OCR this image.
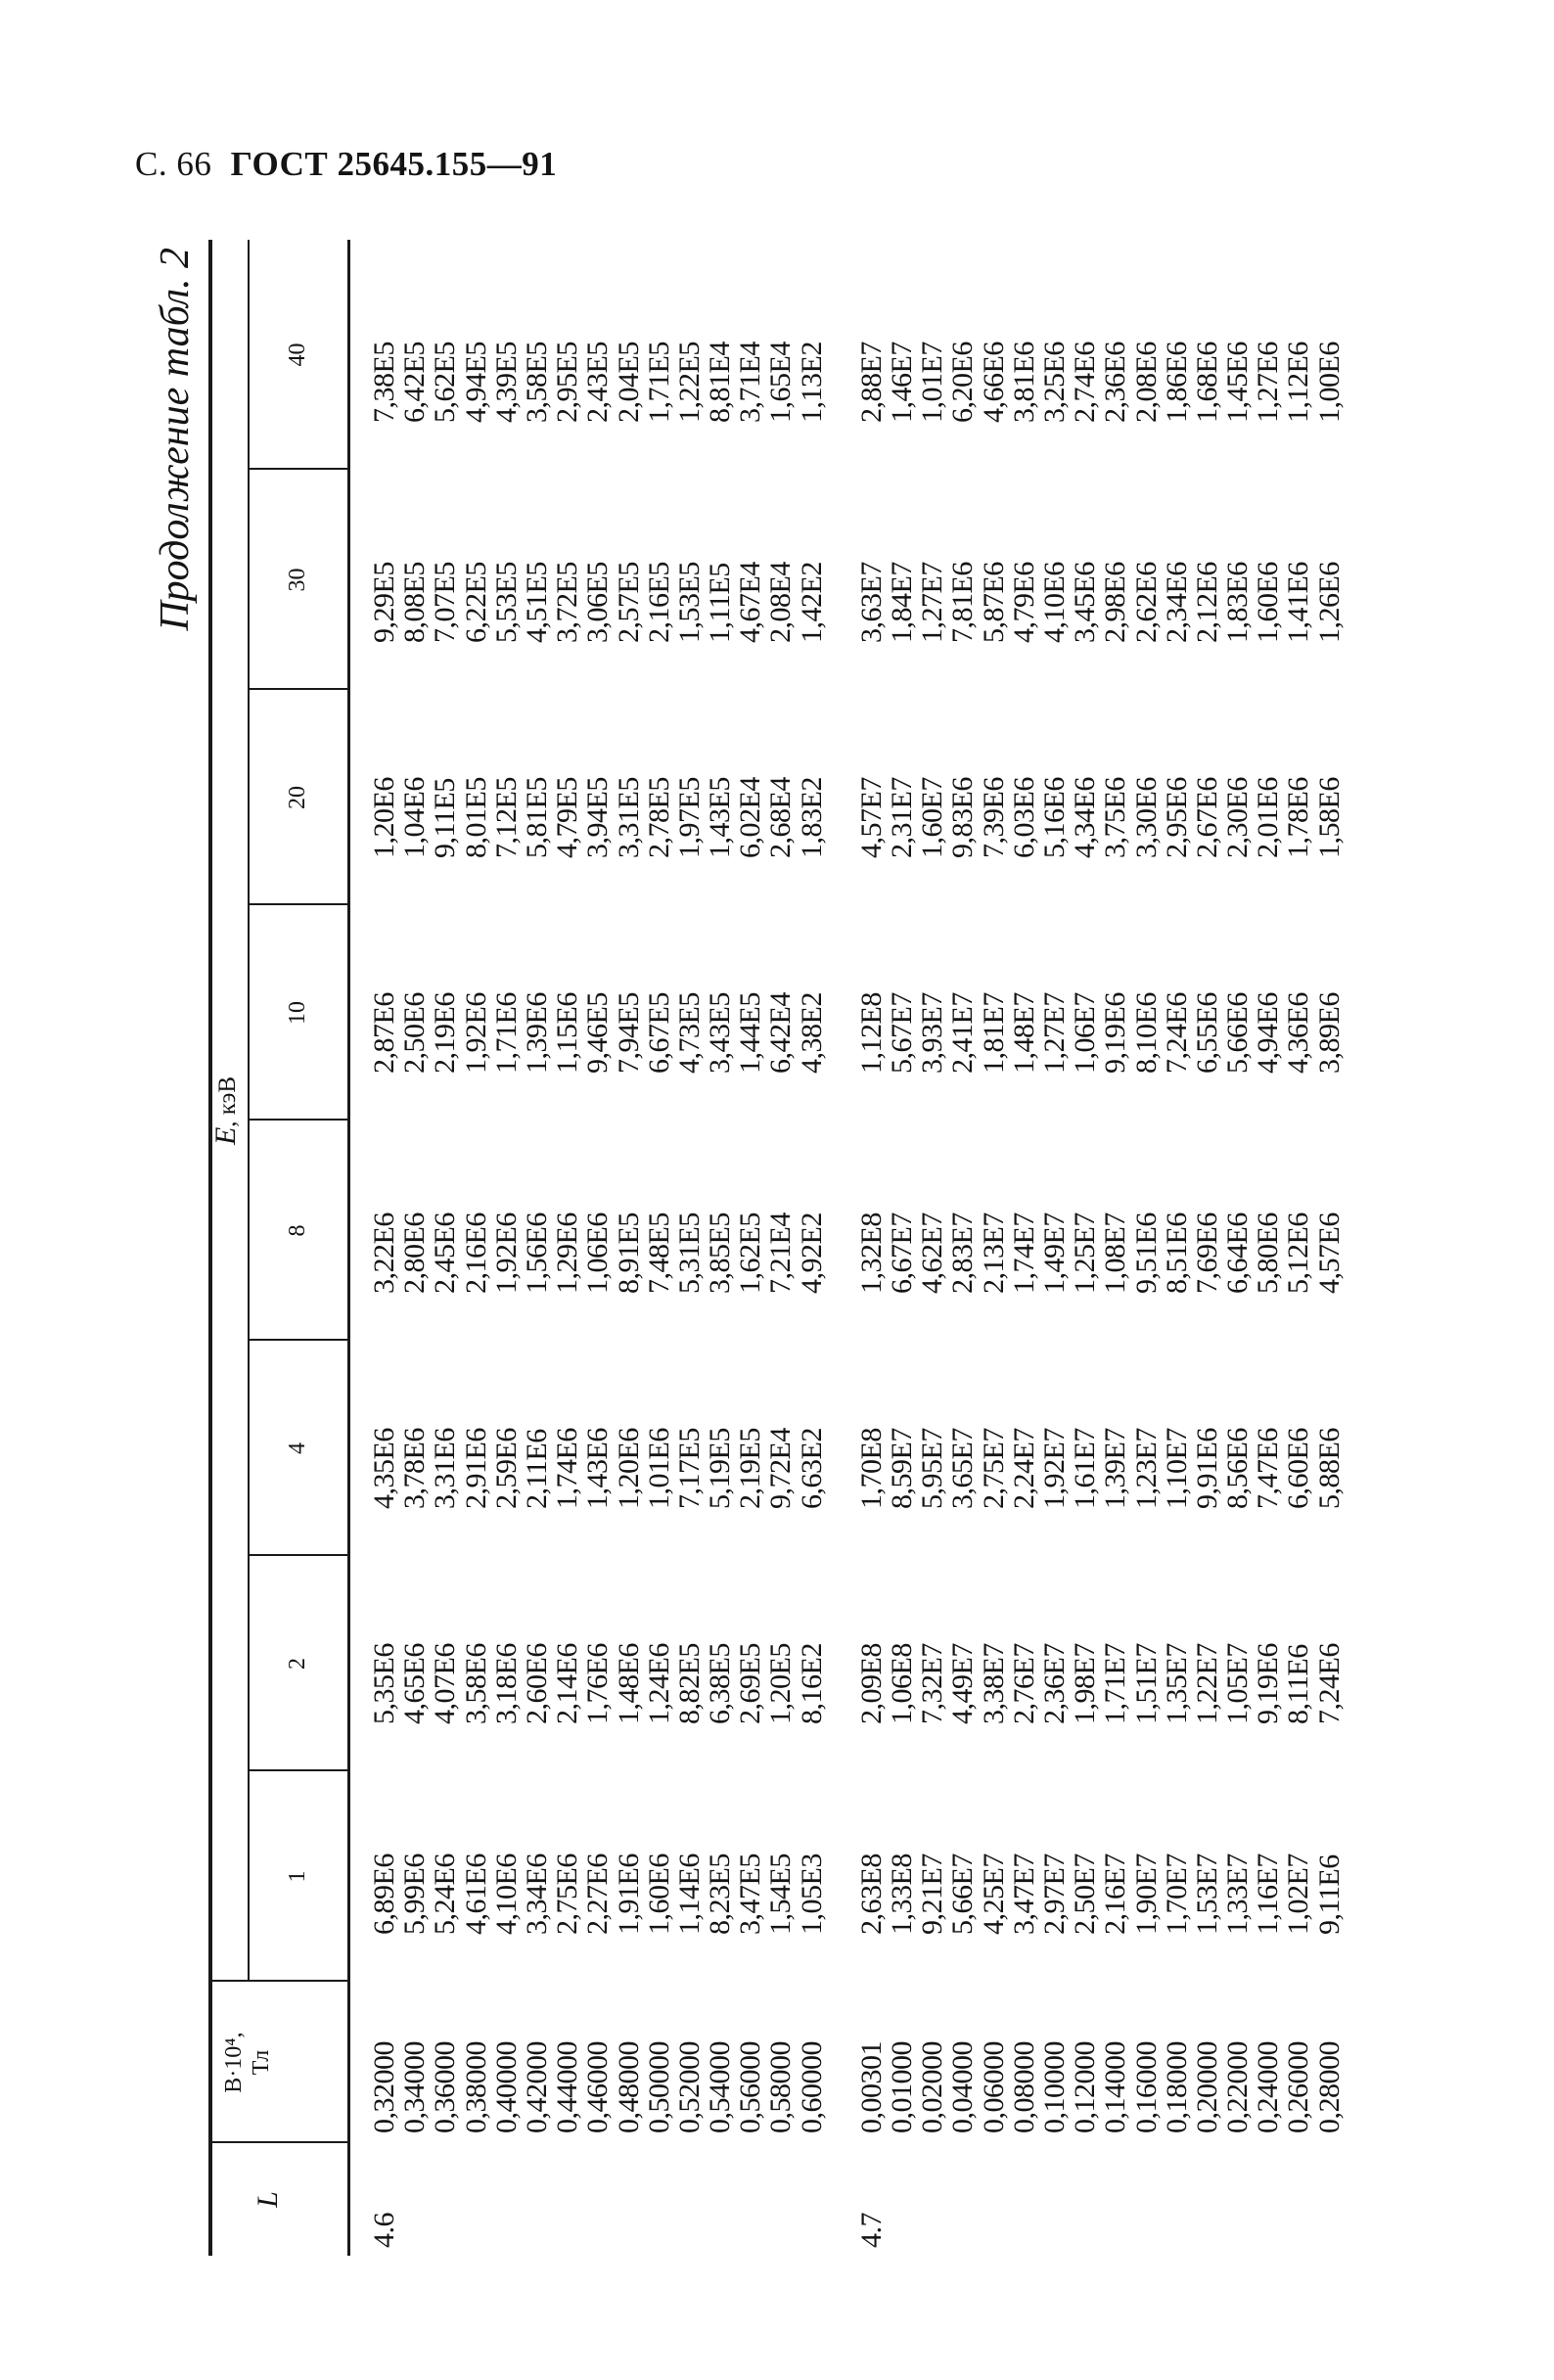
С. 66 ГОСТ 25645.155—91
Продолжение табл. 2
L
В·10⁴,
Тл
E, кэВ
1
2
4
8
10
20
30
40
4.6
0,32000
6,89E6
5,35E6
4,35E6
3,22E6
2,87E6
1,20E6
9,29E5
7,38E5
0,34000
5,99E6
4,65E6
3,78E6
2,80E6
2,50E6
1,04E6
8,08E5
6,42E5
0,36000
5,24E6
4,07E6
3,31E6
2,45E6
2,19E6
9,11E5
7,07E5
5,62E5
0,38000
4,61E6
3,58E6
2,91E6
2,16E6
1,92E6
8,01E5
6,22E5
4,94E5
0,40000
4,10E6
3,18E6
2,59E6
1,92E6
1,71E6
7,12E5
5,53E5
4,39E5
0,42000
3,34E6
2,60E6
2,11E6
1,56E6
1,39E6
5,81E5
4,51E5
3,58E5
0,44000
2,75E6
2,14E6
1,74E6
1,29E6
1,15E6
4,79E5
3,72E5
2,95E5
0,46000
2,27E6
1,76E6
1,43E6
1,06E6
9,46E5
3,94E5
3,06E5
2,43E5
0,48000
1,91E6
1,48E6
1,20E6
8,91E5
7,94E5
3,31E5
2,57E5
2,04E5
0,50000
1,60E6
1,24E6
1,01E6
7,48E5
6,67E5
2,78E5
2,16E5
1,71E5
0,52000
1,14E6
8,82E5
7,17E5
5,31E5
4,73E5
1,97E5
1,53E5
1,22E5
0,54000
8,23E5
6,38E5
5,19E5
3,85E5
3,43E5
1,43E5
1,11E5
8,81E4
0,56000
3,47E5
2,69E5
2,19E5
1,62E5
1,44E5
6,02E4
4,67E4
3,71E4
0,58000
1,54E5
1,20E5
9,72E4
7,21E4
6,42E4
2,68E4
2,08E4
1,65E4
0,60000
1,05E3
8,16E2
6,63E2
4,92E2
4,38E2
1,83E2
1,42E2
1,13E2
4.7
0,00301
2,63E8
2,09E8
1,70E8
1,32E8
1,12E8
4,57E7
3,63E7
2,88E7
0,01000
1,33E8
1,06E8
8,59E7
6,67E7
5,67E7
2,31E7
1,84E7
1,46E7
0,02000
9,21E7
7,32E7
5,95E7
4,62E7
3,93E7
1,60E7
1,27E7
1,01E7
0,04000
5,66E7
4,49E7
3,65E7
2,83E7
2,41E7
9,83E6
7,81E6
6,20E6
0,06000
4,25E7
3,38E7
2,75E7
2,13E7
1,81E7
7,39E6
5,87E6
4,66E6
0,08000
3,47E7
2,76E7
2,24E7
1,74E7
1,48E7
6,03E6
4,79E6
3,81E6
0,10000
2,97E7
2,36E7
1,92E7
1,49E7
1,27E7
5,16E6
4,10E6
3,25E6
0,12000
2,50E7
1,98E7
1,61E7
1,25E7
1,06E7
4,34E6
3,45E6
2,74E6
0,14000
2,16E7
1,71E7
1,39E7
1,08E7
9,19E6
3,75E6
2,98E6
2,36E6
0,16000
1,90E7
1,51E7
1,23E7
9,51E6
8,10E6
3,30E6
2,62E6
2,08E6
0,18000
1,70E7
1,35E7
1,10E7
8,51E6
7,24E6
2,95E6
2,34E6
1,86E6
0,20000
1,53E7
1,22E7
9,91E6
7,69E6
6,55E6
2,67E6
2,12E6
1,68E6
0,22000
1,33E7
1,05E7
8,56E6
6,64E6
5,66E6
2,30E6
1,83E6
1,45E6
0,24000
1,16E7
9,19E6
7,47E6
5,80E6
4,94E6
2,01E6
1,60E6
1,27E6
0,26000
1,02E7
8,11E6
6,60E6
5,12E6
4,36E6
1,78E6
1,41E6
1,12E6
0,28000
9,11E6
7,24E6
5,88E6
4,57E6
3,89E6
1,58E6
1,26E6
1,00E6
